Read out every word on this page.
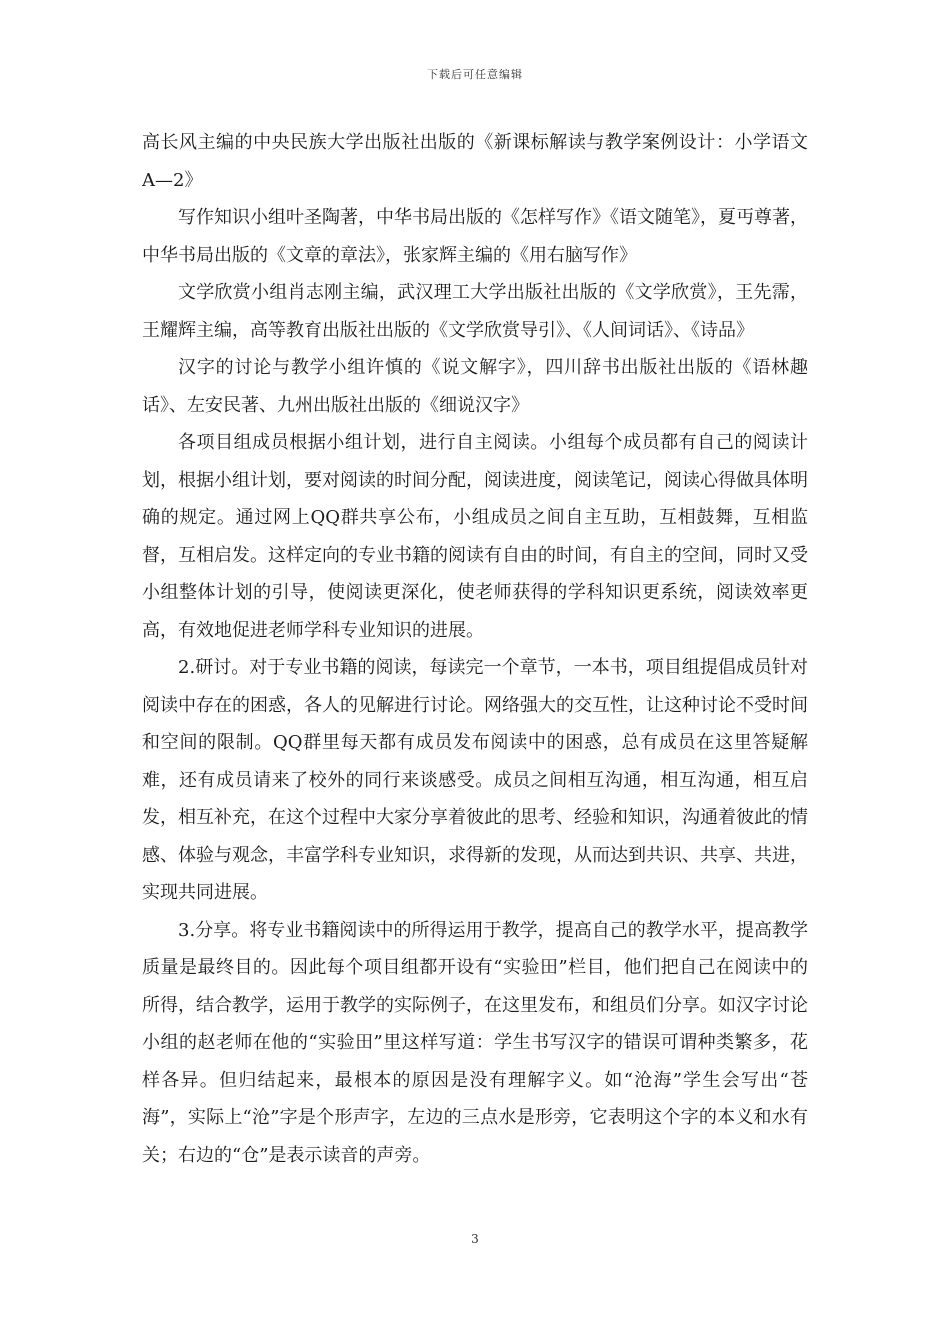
下载后可任意编辑

高长风主编的中央民族大学出版社出版的《新课标解读与教学案例设计：小学语文 A—2》

写作知识小组叶圣陶著，中华书局出版的《怎样写作》《语文随笔》，夏丏尊著，中华书局出版的《文章的章法》，张家辉主编的《用右脑写作》

文学欣赏小组肖志刚主编，武汉理工大学出版社出版的《文学欣赏》，王先霈，王耀辉主编，高等教育出版社出版的《文学欣赏导引》、《人间词话》、《诗品》

汉字的讨论与教学小组许慎的《说文解字》，四川辞书出版社出版的《语林趣话》、左安民著、九州出版社出版的《细说汉字》

各项目组成员根据小组计划，进行自主阅读。小组每个成员都有自己的阅读计划，根据小组计划，要对阅读的时间分配，阅读进度，阅读笔记，阅读心得做具体明确的规定。通过网上QQ群共享公布，小组成员之间自主互助，互相鼓舞，互相监督，互相启发。这样定向的专业书籍的阅读有自由的时间，有自主的空间，同时又受小组整体计划的引导，使阅读更深化，使老师获得的学科知识更系统，阅读效率更高，有效地促进老师学科专业知识的进展。

2.研讨。对于专业书籍的阅读，每读完一个章节，一本书，项目组提倡成员针对阅读中存在的困惑，各人的见解进行讨论。网络强大的交互性，让这种讨论不受时间和空间的限制。QQ群里每天都有成员发布阅读中的困惑，总有成员在这里答疑解难，还有成员请来了校外的同行来谈感受。成员之间相互沟通，相互沟通，相互启发，相互补充，在这个过程中大家分享着彼此的思考、经验和知识，沟通着彼此的情感、体验与观念，丰富学科专业知识，求得新的发现，从而达到共识、共享、共进，实现共同进展。

3.分享。将专业书籍阅读中的所得运用于教学，提高自己的教学水平，提高教学质量是最终目的。因此每个项目组都开设有“实验田”栏目，他们把自己在阅读中的所得，结合教学，运用于教学的实际例子，在这里发布，和组员们分享。如汉字讨论小组的赵老师在他的“实验田”里这样写道：学生书写汉字的错误可谓种类繁多，花样各异。但归结起来，最根本的原因是没有理解字义。如“沧海”学生会写出“苍海”，实际上“沧”字是个形声字，左边的三点水是形旁，它表明这个字的本义和水有关；右边的“仓”是表示读音的声旁。

3
